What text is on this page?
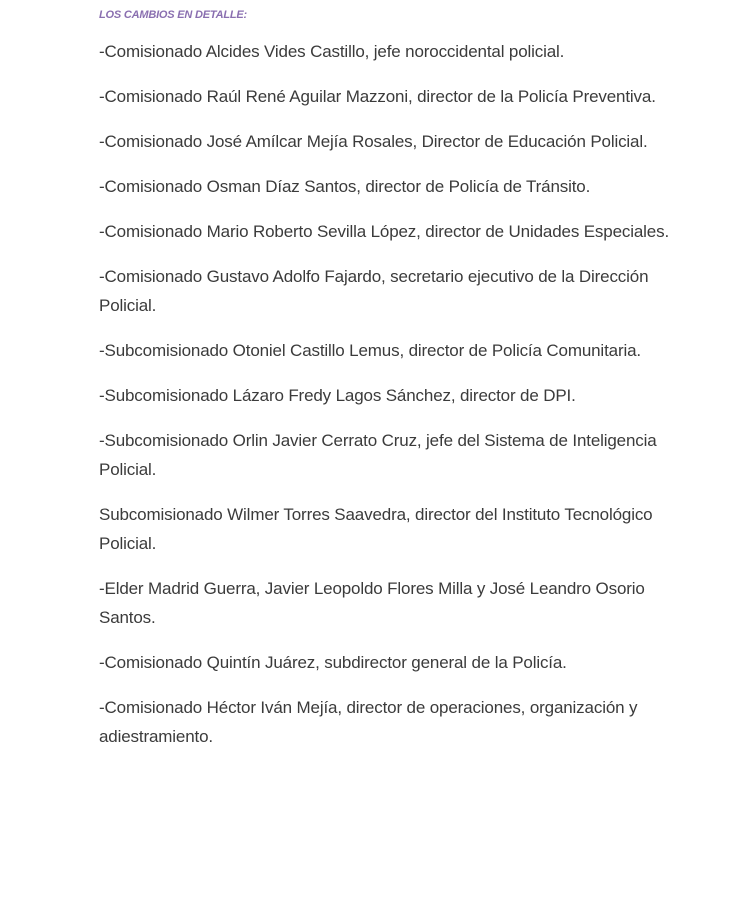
LOS CAMBIOS EN DETALLE:
-Comisionado Alcides Vides Castillo, jefe noroccidental policial.
-Comisionado Raúl René Aguilar Mazzoni, director de la Policía Preventiva.
-Comisionado José Amílcar Mejía Rosales, Director de Educación Policial.
-Comisionado Osman Díaz Santos, director de Policía de Tránsito.
-Comisionado Mario Roberto Sevilla López, director de Unidades Especiales.
-Comisionado Gustavo Adolfo Fajardo, secretario ejecutivo de la Dirección Policial.
-Subcomisionado Otoniel Castillo Lemus, director de Policía Comunitaria.
-Subcomisionado Lázaro Fredy Lagos Sánchez, director de DPI.
-Subcomisionado Orlin Javier Cerrato Cruz, jefe del Sistema de Inteligencia Policial.
Subcomisionado Wilmer Torres Saavedra, director del Instituto Tecnológico Policial.
-Elder Madrid Guerra, Javier Leopoldo Flores Milla y José Leandro Osorio Santos.
-Comisionado Quintín Juárez, subdirector general de la Policía.
-Comisionado Héctor Iván Mejía, director de operaciones, organización y adiestramiento.
